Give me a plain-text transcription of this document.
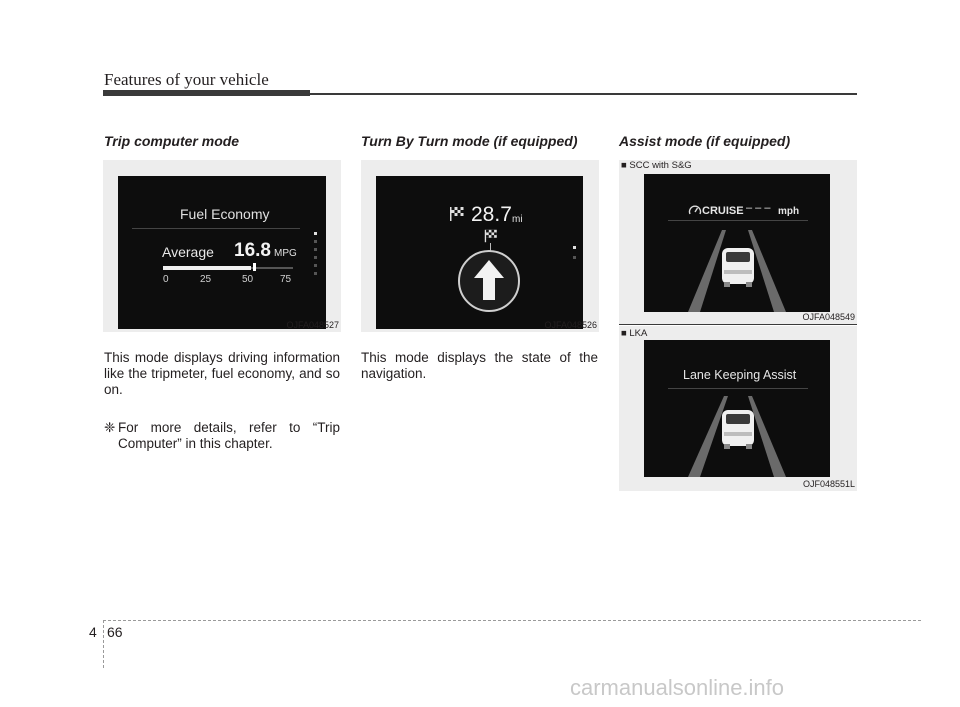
Features of your vehicle
Trip computer mode
Fuel Economy
Average 16.8 MPG
0	25	50	75
OJFA048527
This mode displays driving information like the tripmeter, fuel economy, and so on.
❈ For more details, refer to “Trip Computer” in this chapter.
Turn By Turn mode (if equipped)
28.7 mi
OJFA048526
This mode displays the state of the navigation.
Assist mode (if equipped)
■ SCC with S&G
CRUISE – – – mph
OJFA048549
■ LKA
Lane Keeping Assist
OJF048551L
4 66
carmanualsonline.info
